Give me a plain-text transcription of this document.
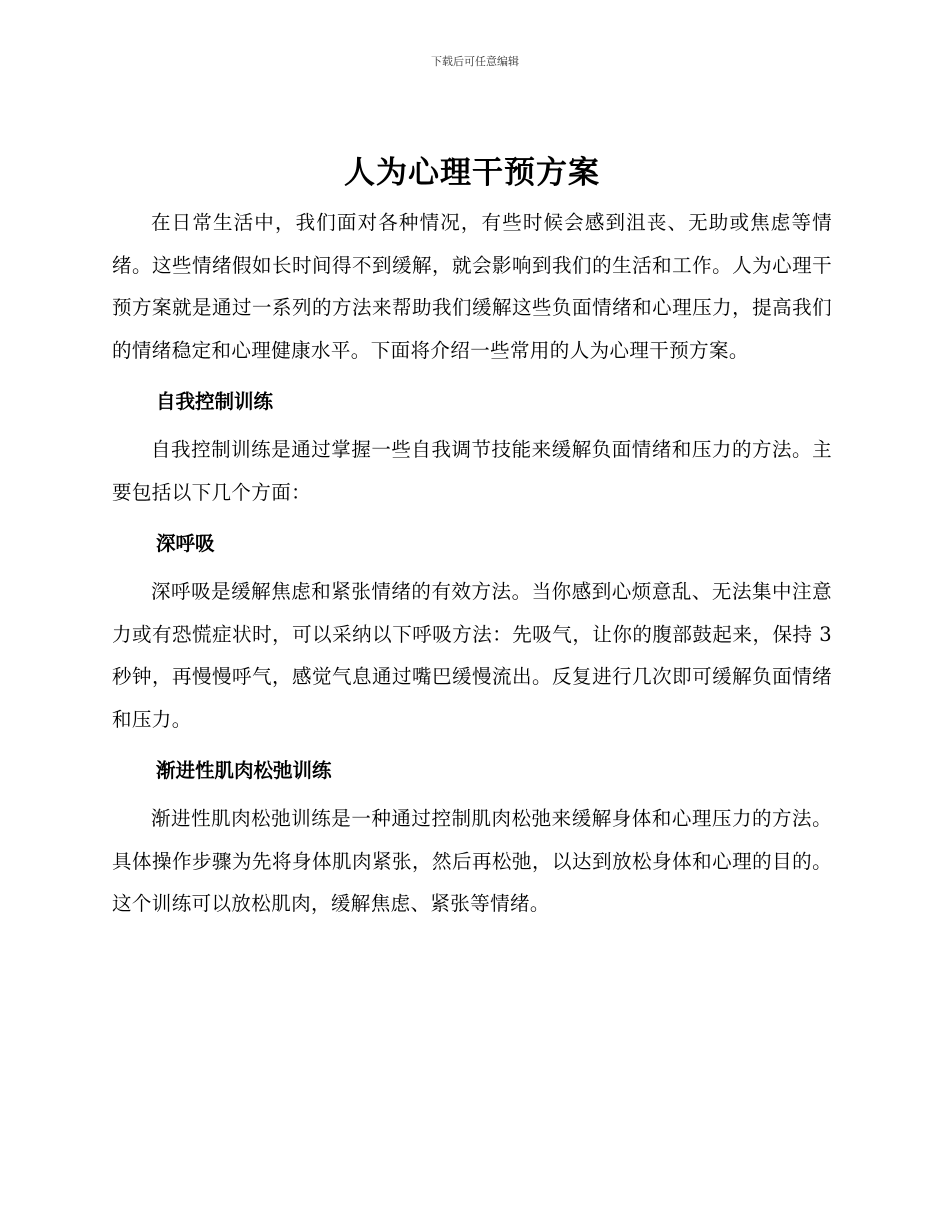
下载后可任意编辑
人为心理干预方案

在日常生活中，我们面对各种情况，有些时候会感到沮丧、无助或焦虑等情绪。这些情绪假如长时间得不到缓解，就会影响到我们的生活和工作。人为心理干预方案就是通过一系列的方法来帮助我们缓解这些负面情绪和心理压力，提高我们的情绪稳定和心理健康水平。下面将介绍一些常用的人为心理干预方案。

自我控制训练

自我控制训练是通过掌握一些自我调节技能来缓解负面情绪和压力的方法。主要包括以下几个方面：

深呼吸

深呼吸是缓解焦虑和紧张情绪的有效方法。当你感到心烦意乱、无法集中注意力或有恐慌症状时，可以采纳以下呼吸方法：先吸气，让你的腹部鼓起来，保持 3 秒钟，再慢慢呼气，感觉气息通过嘴巴缓慢流出。反复进行几次即可缓解负面情绪和压力。

渐进性肌肉松弛训练

渐进性肌肉松弛训练是一种通过控制肌肉松弛来缓解身体和心理压力的方法。具体操作步骤为先将身体肌肉紧张，然后再松弛，以达到放松身体和心理的目的。这个训练可以放松肌肉，缓解焦虑、紧张等情绪。
